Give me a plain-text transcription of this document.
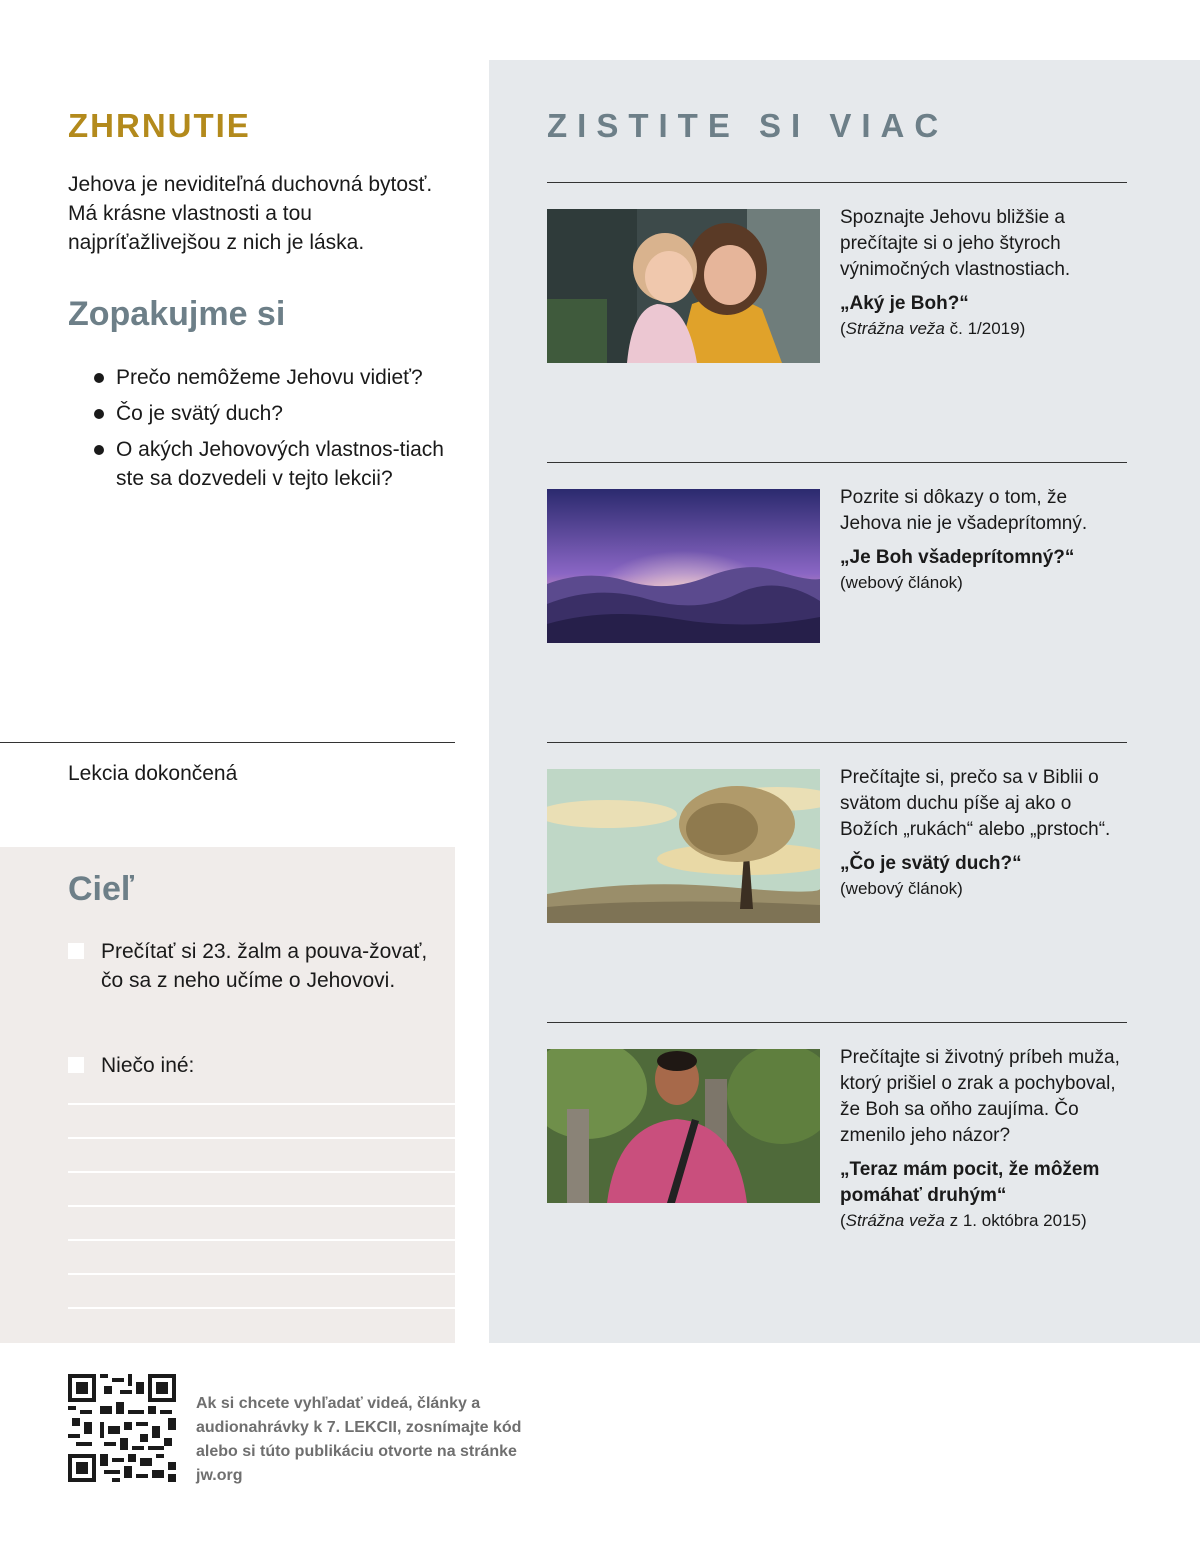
ZHRNUTIE

Jehova je neviditeľná duchovná bytosť. Má krásne vlastnosti a tou najpríťažlivejšou z nich je láska.

Zopakujme si
Prečo nemôžeme Jehovu vidieť?
Čo je svätý duch?
O akých Jehovových vlastnos-tiach ste sa dozvedeli v tejto lekcii?
Lekcia dokončená
Cieľ
Prečítať si 23. žalm a pouva-žovať, čo sa z neho učíme o Jehovovi.
Niečo iné:
ZISTITE SI VIAC

Spoznajte Jehovu bližšie a prečítajte si o jeho štyroch výnimočných vlastnostiach.

„Aký je Boh?“

(Strážna veža č. 1/2019)

Pozrite si dôkazy o tom, že Jehova nie je všadeprítomný.

„Je Boh všadeprítomný?“

(webový článok)

Prečítajte si, prečo sa v Biblii o svätom duchu píše aj ako o Božích „rukách“ alebo „prstoch“.

„Čo je svätý duch?“

(webový článok)

Prečítajte si životný príbeh muža, ktorý prišiel o zrak a pochyboval, že Boh sa oňho zaujíma. Čo zmenilo jeho názor?

„Teraz mám pocit, že môžem pomáhať druhým“

(Strážna veža z 1. októbra 2015)

Ak si chcete vyhľadať videá, články a audionahrávky k 7. LEKCII, zosnímajte kód alebo si túto publikáciu otvorte na stránke jw.org
